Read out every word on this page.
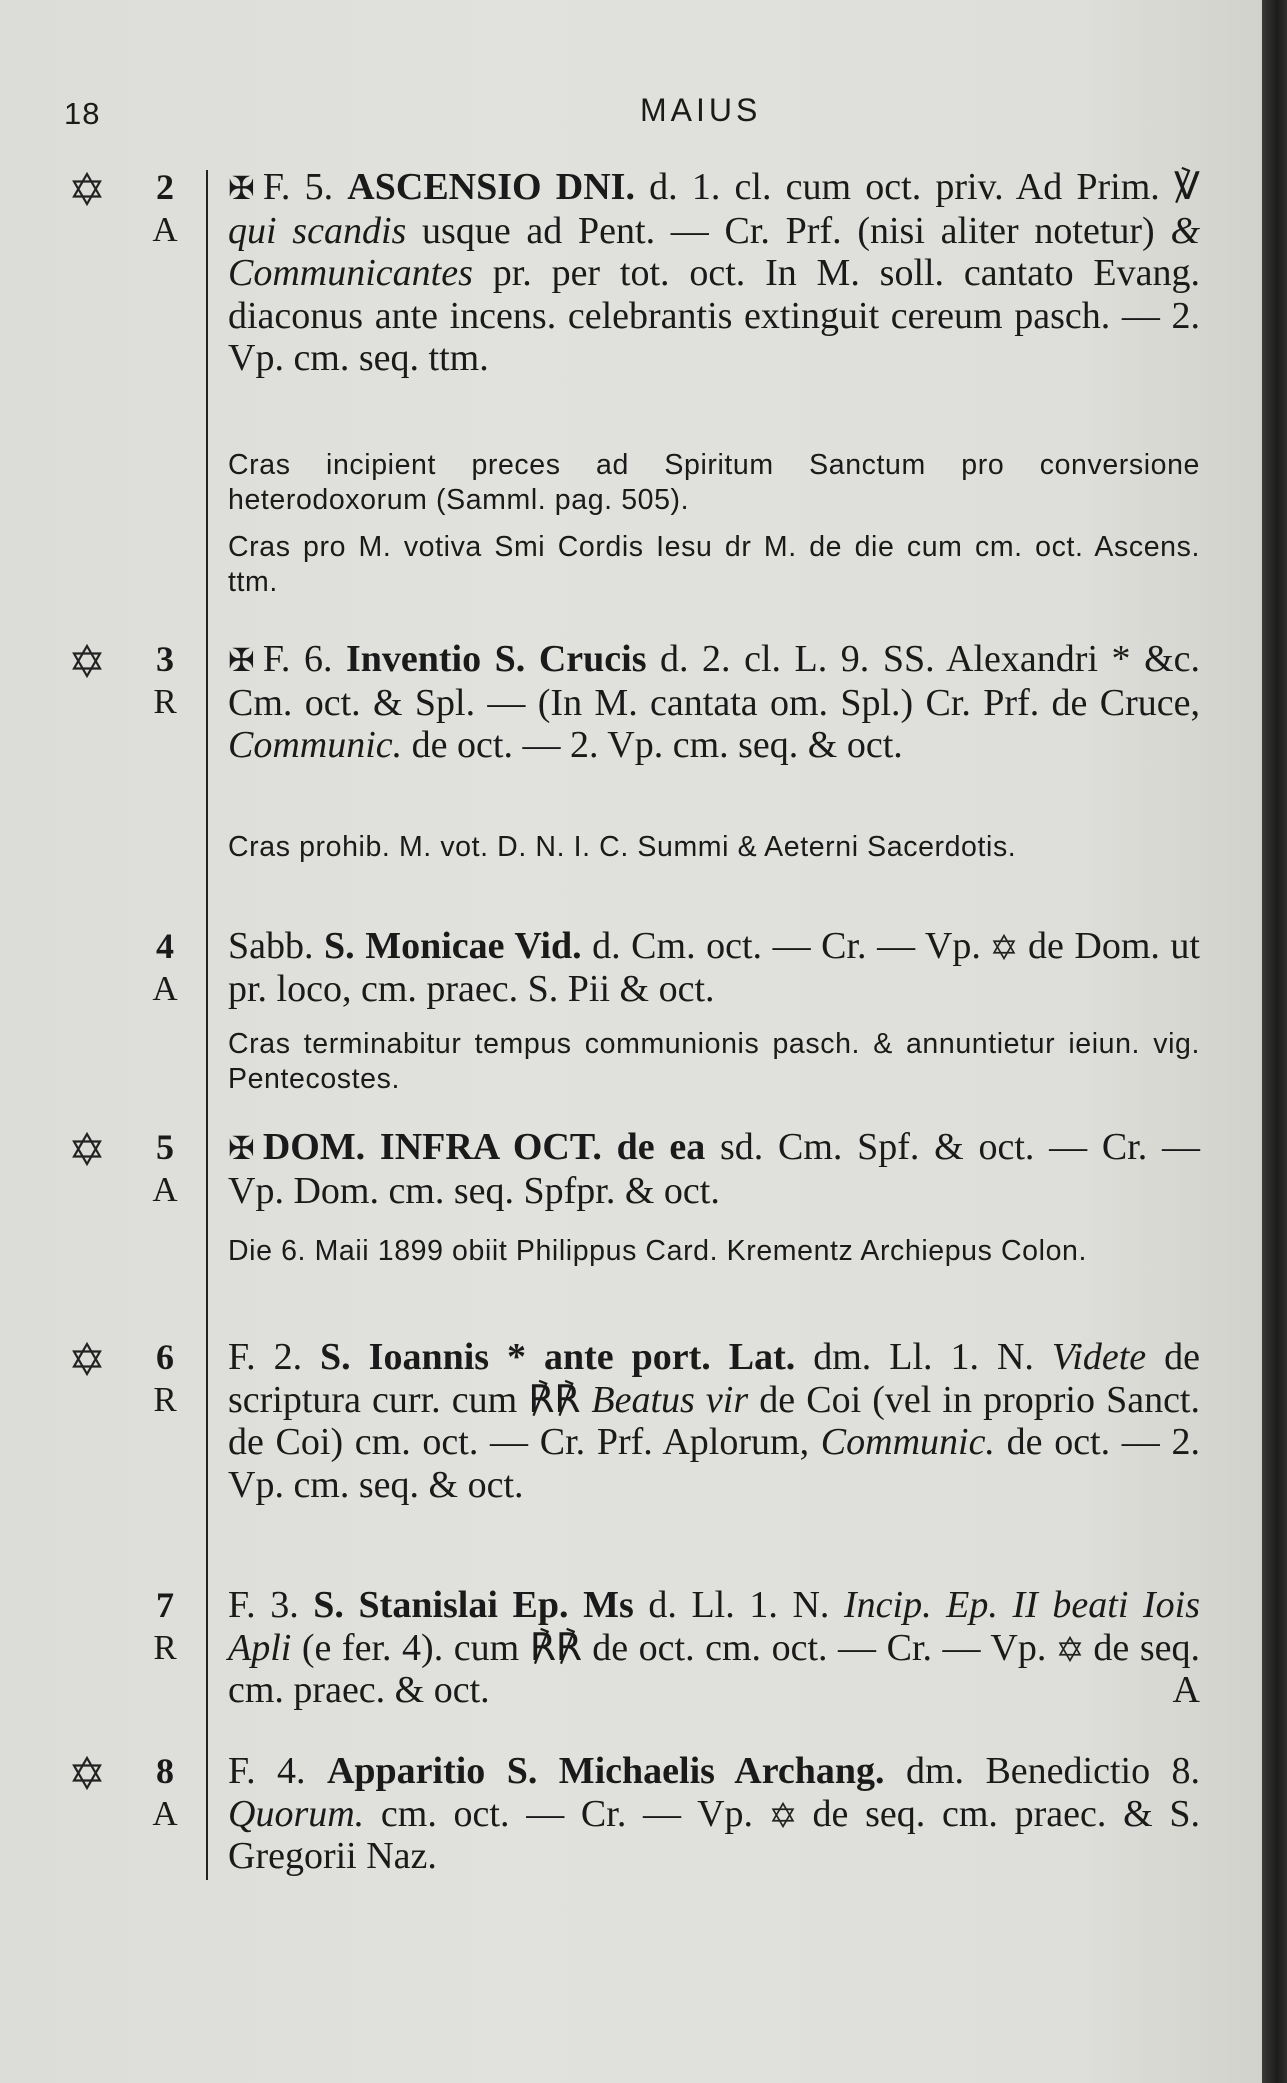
18	MAIUS
2
A
✠ F. 5. ASCENSIO DNI. d. 1. cl. cum oct. priv. Ad Prim. ℣ qui scandis usque ad Pent. — Cr. Prf. (nisi aliter notetur) & Communicantes pr. per tot. oct. In M. soll. cantato Evang. diaconus ante incens. celebrantis extinguit cereum pasch. — 2. Vp. cm. seq. ttm.
Cras incipient preces ad Spiritum Sanctum pro conversione heterodoxorum (Samml. pag. 505).
Cras pro M. votiva Smi Cordis Iesu dr M. de die cum cm. oct. Ascens. ttm.
3
R
✠ F. 6. Inventio S. Crucis d. 2. cl. L. 9. SS. Alexandri * &c. Cm. oct. & Spl. — (In M. cantata om. Spl.) Cr. Prf. de Cruce, Communic. de oct. — 2. Vp. cm. seq. & oct.
Cras prohib. M. vot. D. N. I. C. Summi & Aeterni Sacerdotis.
4
A
Sabb. S. Monicae Vid. d. Cm. oct. — Cr. — Vp.  de Dom. ut pr. loco, cm. praec. S. Pii & oct.
Cras terminabitur tempus communionis pasch. & annuntietur ieiun. vig. Pentecostes.
5
A
✠ DOM. INFRA OCT. de ea sd. Cm. Spf. & oct. — Cr. — Vp. Dom. cm. seq. Spfpr. & oct.
Die 6. Maii 1899 obiit Philippus Card. Krementz Archiepus Colon.
6
R
F. 2. S. Ioannis * ante port. Lat. dm. Ll. 1. N. Videte de scriptura curr. cum ℟℟ Beatus vir de Coi (vel in proprio Sanct. de Coi) cm. oct. — Cr. Prf. Aplorum, Communic. de oct. — 2. Vp. cm. seq. & oct.
7
R
F. 3. S. Stanislai Ep. Ms d. Ll. 1. N. Incip. Ep. II beati Iois Apli (e fer. 4). cum ℟℟ de oct. cm. oct. — Cr. — Vp.  de seq. cm. praec. & oct.	A
8
A
F. 4. Apparitio S. Michaelis Archang. dm. Benedictio 8. Quorum. cm. oct. — Cr. — Vp.  de seq. cm. praec. & S. Gregorii Naz.
